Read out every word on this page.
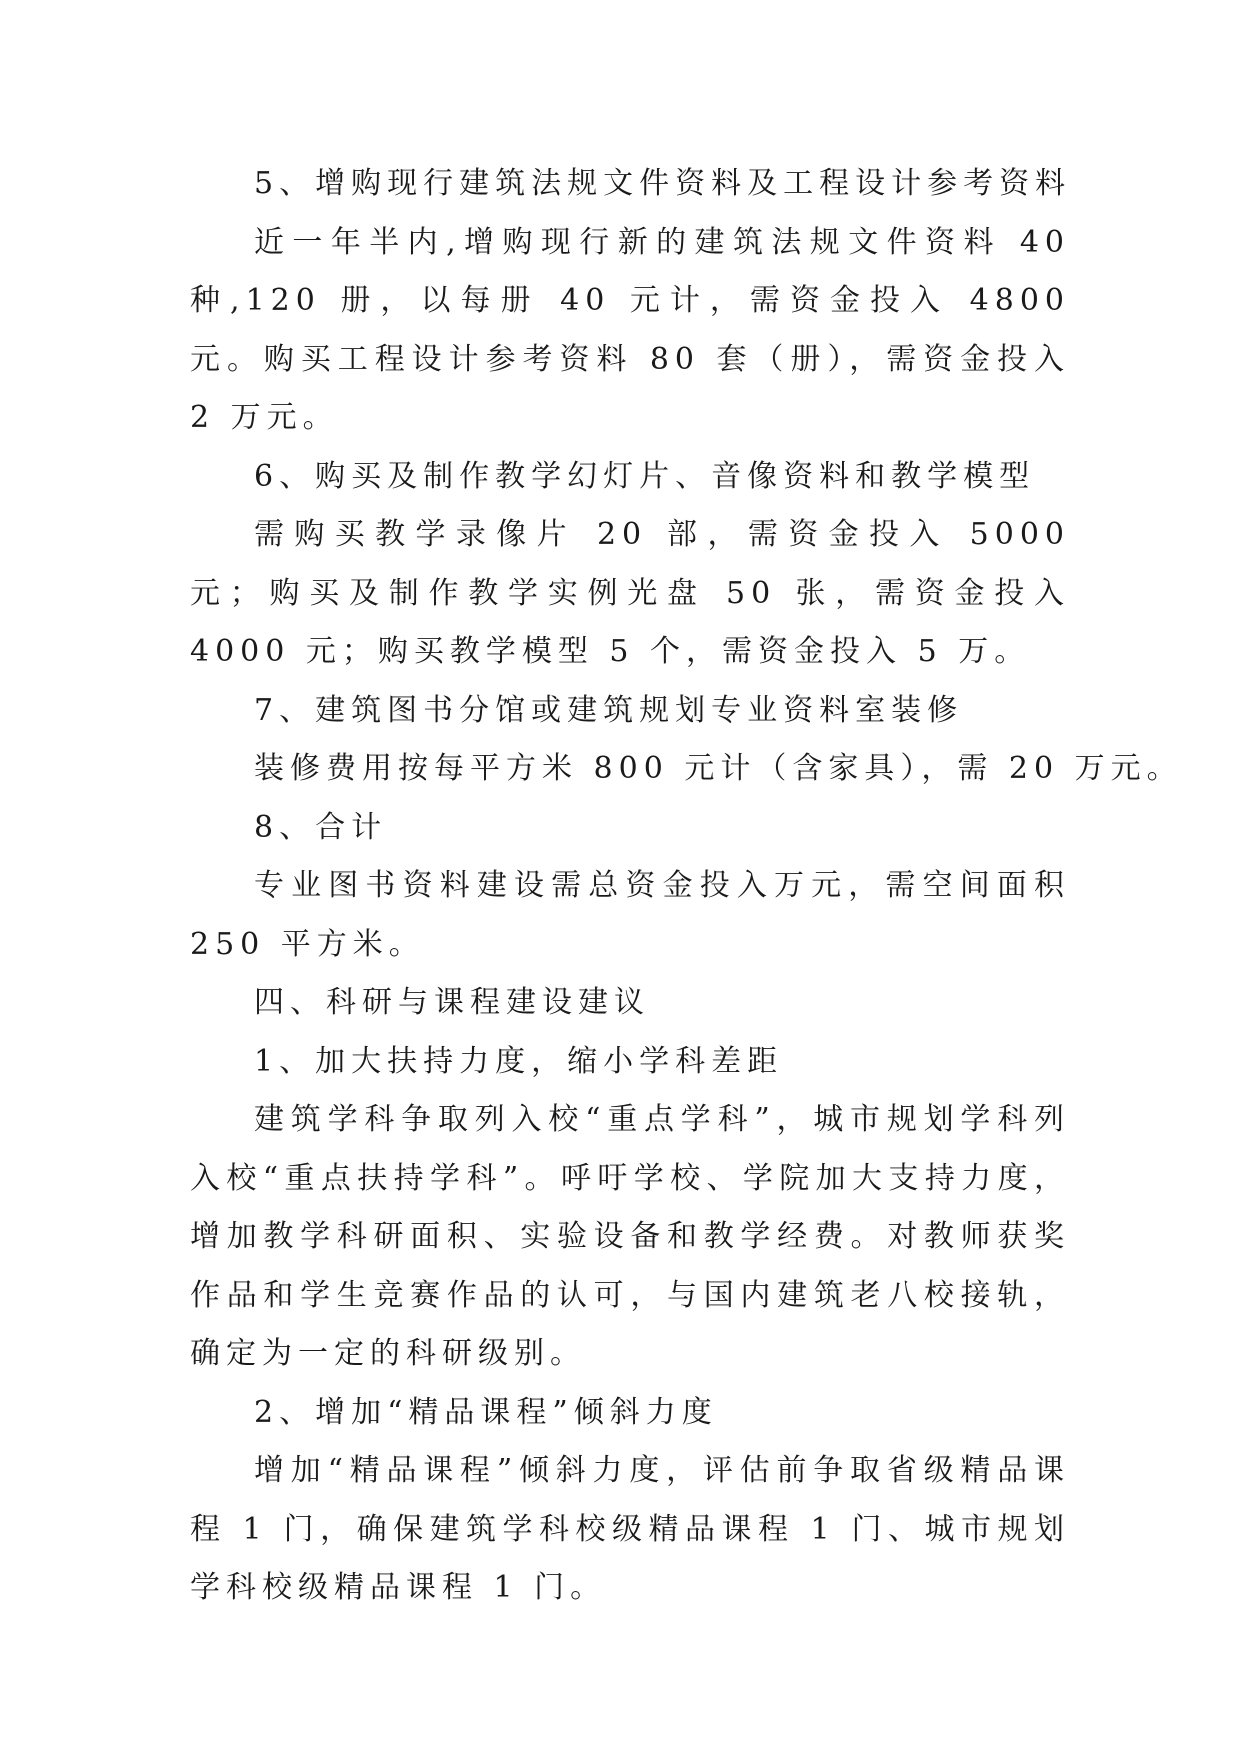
5、增购现行建筑法规文件资料及工程设计参考资料

近一年半内,增购现行新的建筑法规文件资料 40 种,120 册，以每册 40 元计，需资金投入 4800 元。购买工程设计参考资料 80 套（册），需资金投入 2 万元。

6、购买及制作教学幻灯片、音像资料和教学模型

需购买教学录像片 20 部，需资金投入 5000 元；购买及制作教学实例光盘 50 张，需资金投入 4000 元；购买教学模型 5 个，需资金投入 5 万。

7、建筑图书分馆或建筑规划专业资料室装修

装修费用按每平方米 800 元计（含家具），需 20 万元。

8、合计

专业图书资料建设需总资金投入万元，需空间面积 250 平方米。

四、科研与课程建设建议

1、加大扶持力度，缩小学科差距

建筑学科争取列入校“重点学科”，城市规划学科列入校“重点扶持学科”。呼吁学校、学院加大支持力度，增加教学科研面积、实验设备和教学经费。对教师获奖作品和学生竞赛作品的认可，与国内建筑老八校接轨，确定为一定的科研级别。

2、增加“精品课程”倾斜力度

增加“精品课程”倾斜力度，评估前争取省级精品课程 1 门，确保建筑学科校级精品课程 1 门、城市规划学科校级精品课程 1 门。
